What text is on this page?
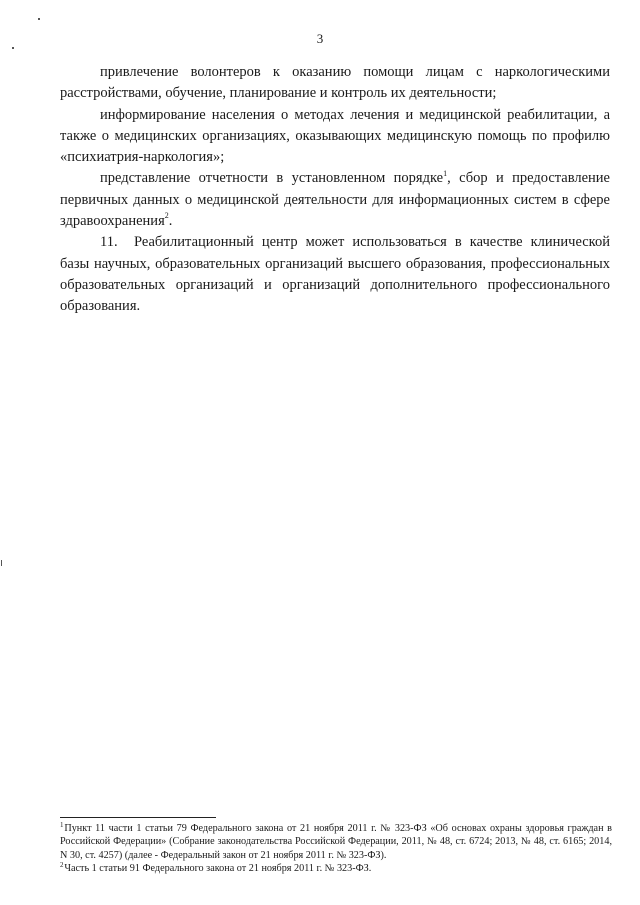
3

привлечение волонтеров к оказанию помощи лицам с наркологическими расстройствами, обучение, планирование и контроль их деятельности;

информирование населения о методах лечения и медицинской реабилитации, а также о медицинских организациях, оказывающих медицинскую помощь по профилю «психиатрия-наркология»;

представление отчетности в установленном порядке$^1$, сбор и предоставление первичных данных о медицинской деятельности для информационных систем в сфере здравоохранения$^2$.

11. Реабилитационный центр может использоваться в качестве клинической базы научных, образовательных организаций высшего образования, профессиональных образовательных организаций и организаций дополнительного профессионального образования.

$^1$ Пункт 11 части 1 статьи 79 Федерального закона от 21 ноября 2011 г. № 323-ФЗ «Об основах охраны здоровья граждан в Российской Федерации» (Собрание законодательства Российской Федерации, 2011, № 48, ст. 6724; 2013, № 48, ст. 6165; 2014, N 30, ст. 4257) (далее - Федеральный закон от 21 ноября 2011 г. № 323-ФЗ).

$^2$ Часть 1 статьи 91 Федерального закона от 21 ноября 2011 г. № 323-ФЗ.
